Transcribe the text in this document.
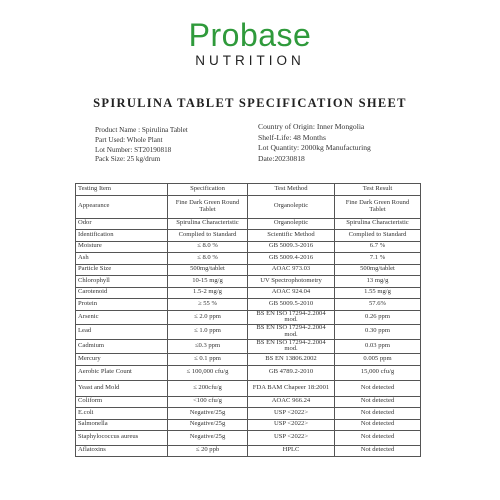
Probase
NUTRITION
SPIRULINA TABLET SPECIFICATION SHEET
Product Name : Spirulina Tablet
Part Used: Whole Plant
Lot Number: ST20190818
Pack Size: 25 kg/drum
Country of Origin: Inner Mongolia
Shelf-Life: 48 Months
Lot Quantity: 2000kg Manufacturing
Date:20230818
Testing Item	Specification	Test Method	Test Result
Appearance	Fine Dark Green Round Tablet	Organoleptic	Fine Dark Green Round Tablet
Odor	Spirulina Characteristic	Organoleptic	Spirulina Characteristic
Identification	Complied to Standard	Scientific Method	Complied to Standard
Moisture	≤ 8.0 %	GB 5009.3-2016	6.7 %
Ash	≤ 8.0 %	GB 5009.4-2016	7.1 %
Particle Size	500mg/tablet	AOAC 973.03	500mg/tablet
Chlorophyll	10-15 mg/g	UV Spectrophotometry	13 mg/g
Carotenoid	1.5-2 mg/g	AOAC 924.04	1.55 mg/g
Protein	≥ 55 %	GB 5009.5-2010	57.6%
Arsenic	≤ 2.0 ppm	BS EN ISO 17294-2.2004 mod.	0.26 ppm
Lead	≤ 1.0 ppm	BS EN ISO 17294-2.2004 mod.	0.30 ppm
Cadmium	≤0.3 ppm	BS EN ISO 17294-2.2004 mod.	0.03 ppm
Mercury	≤ 0.1 ppm	BS EN 13806.2002	0.005 ppm
Aerobic Plate Count	≤ 100,000 cfu/g	GB 4789.2-2010	15,000 cfu/g
Yeast and Mold	≤ 200cfu/g	FDA BAM Chapeer 18:2001	Not detected
Coliform	<100 cfu/g	AOAC 966.24	Not detected
E.coli	Negative/25g	USP <2022>	Not detected
Salmonella	Negative/25g	USP <2022>	Not detected
Staphylococcus aureus	Negative/25g	USP <2022>	Not detected
Aflatoxins	≤ 20 ppb	HPLC	Not detected
